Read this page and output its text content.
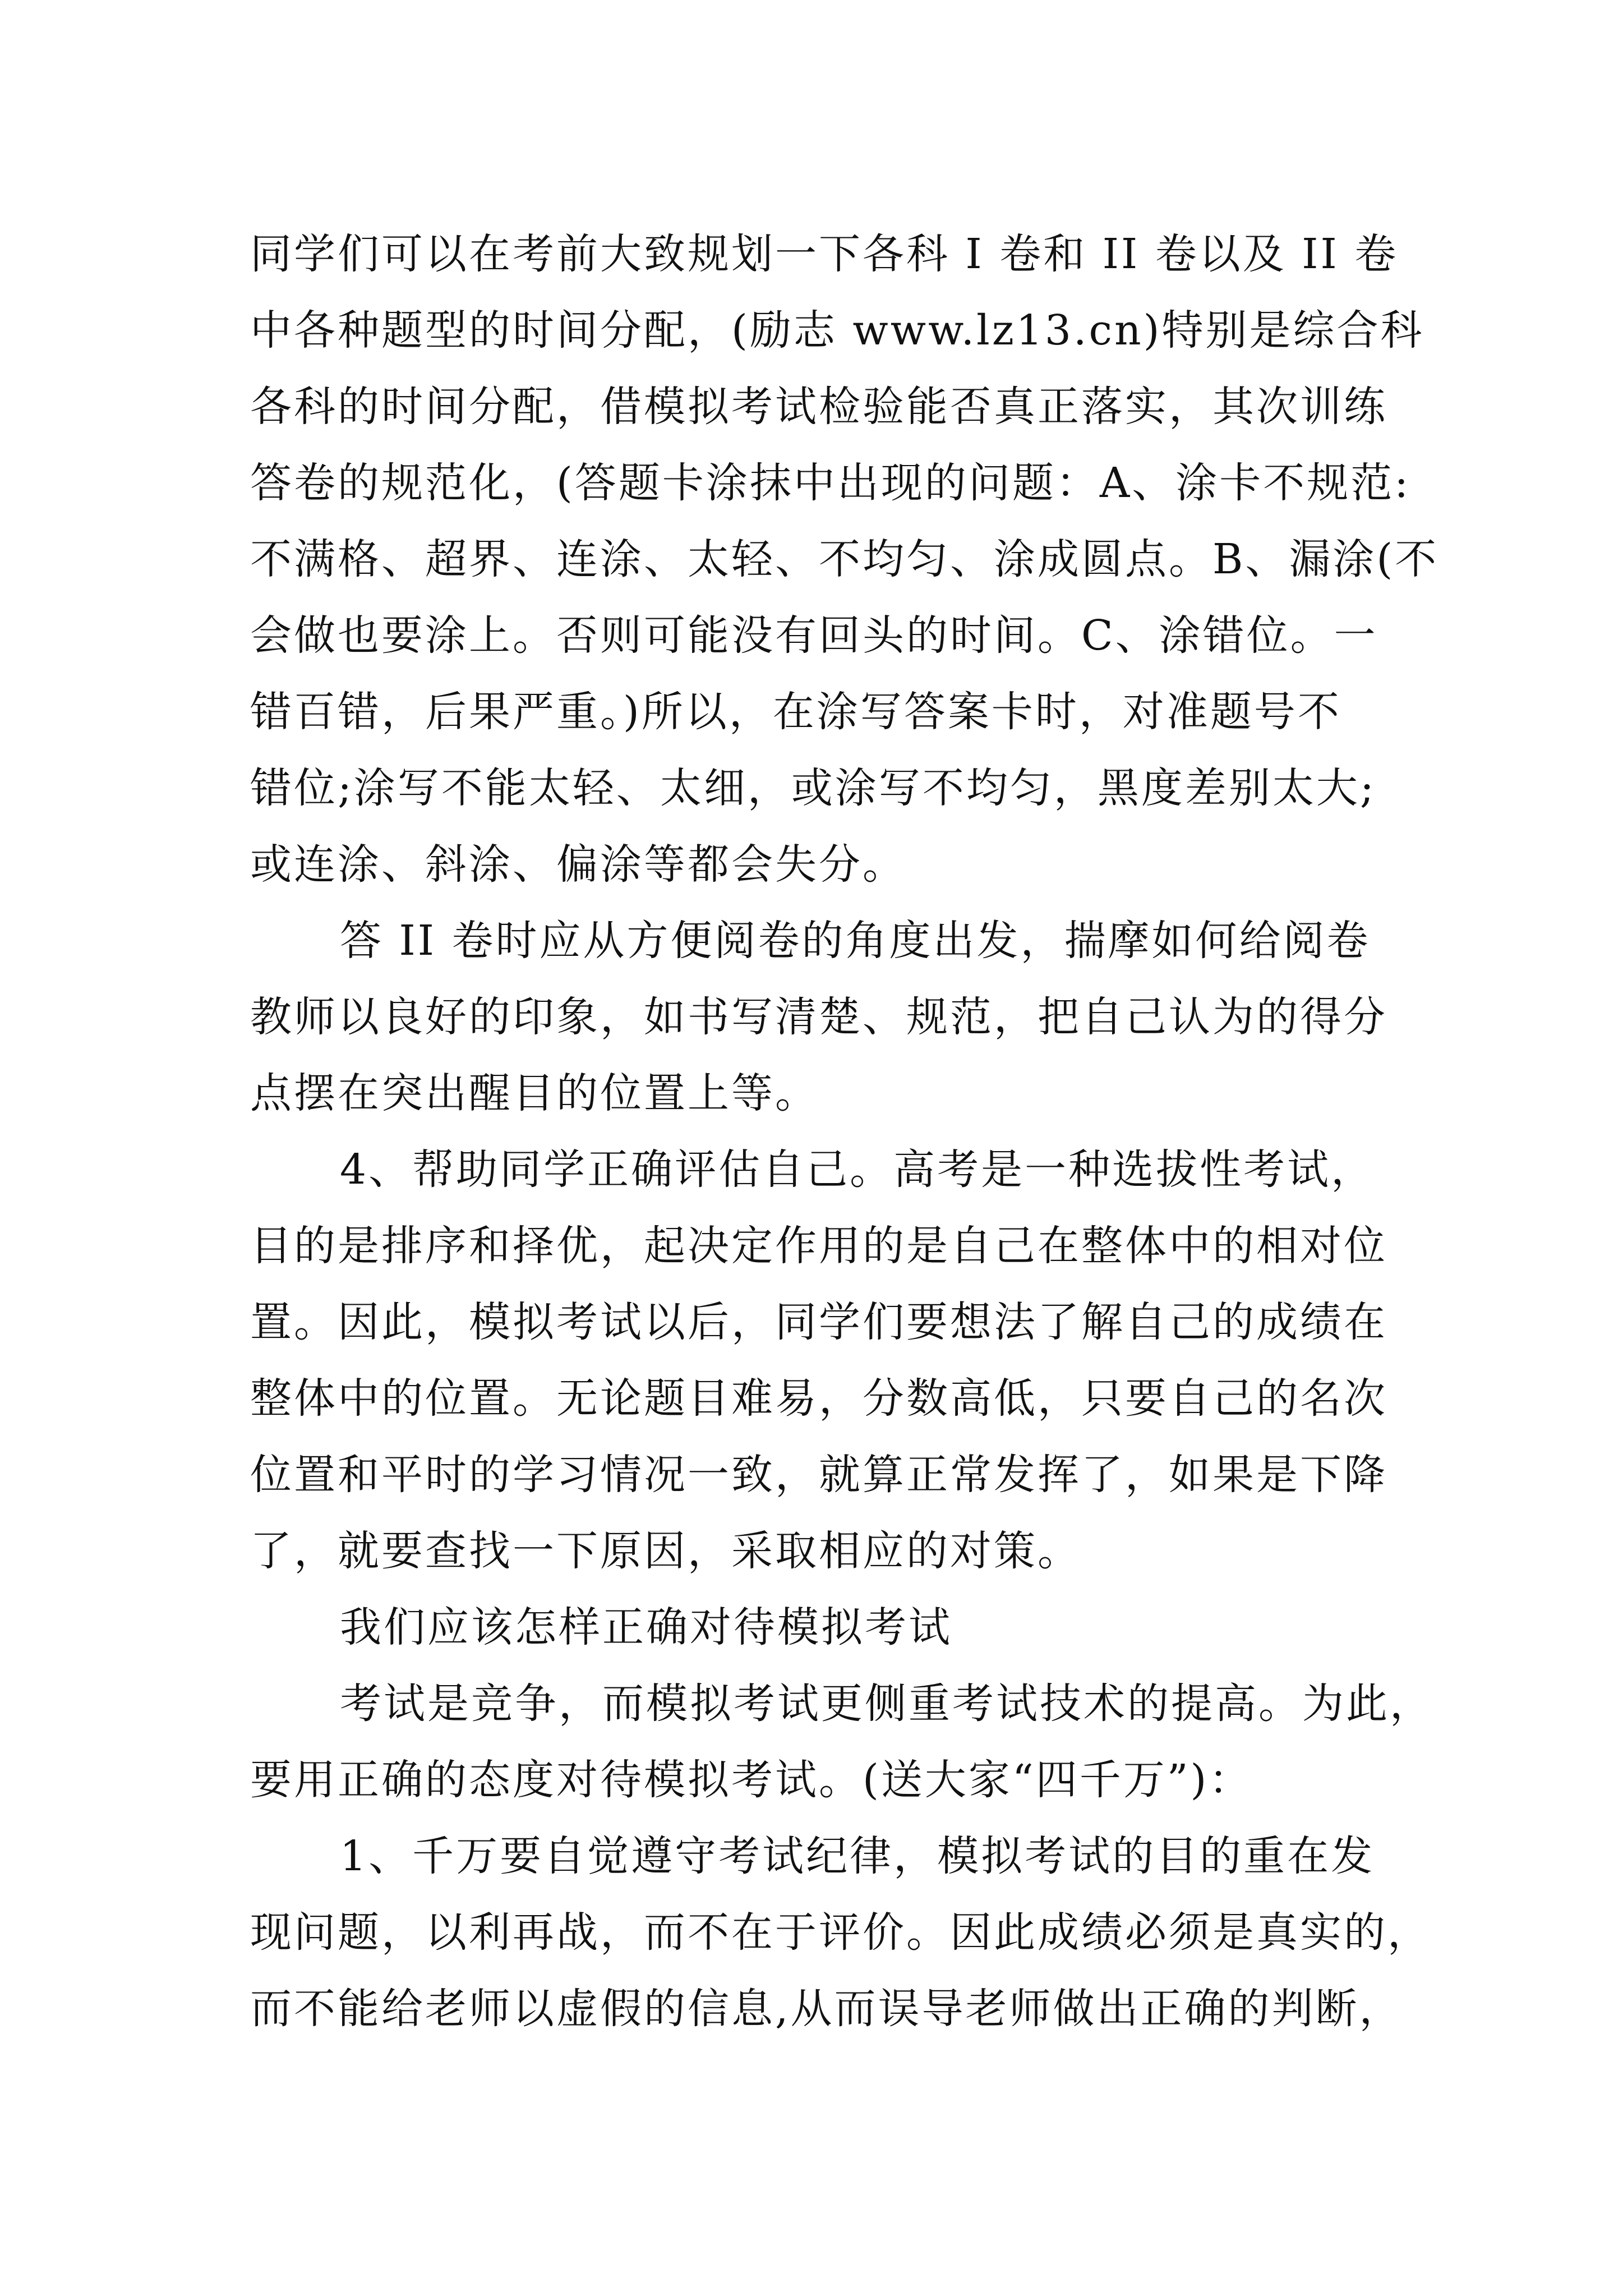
同学们可以在考前大致规划一下各科 I 卷和 II 卷以及 II 卷
中各种题型的时间分配，(励志 www.lz13.cn)特别是综合科
各科的时间分配，借模拟考试检验能否真正落实，其次训练
答卷的规范化，(答题卡涂抹中出现的问题：A、涂卡不规范:
不满格、超界、连涂、太轻、不均匀、涂成圆点。B、漏涂(不
会做也要涂上。否则可能没有回头的时间。C、涂错位。一
错百错，后果严重。)所以，在涂写答案卡时，对准题号不
错位;涂写不能太轻、太细，或涂写不均匀，黑度差别太大;
或连涂、斜涂、偏涂等都会失分。
答 II 卷时应从方便阅卷的角度出发，揣摩如何给阅卷
教师以良好的印象，如书写清楚、规范，把自己认为的得分
点摆在突出醒目的位置上等。
4、帮助同学正确评估自己。高考是一种选拔性考试，
目的是排序和择优，起决定作用的是自己在整体中的相对位
置。因此，模拟考试以后，同学们要想法了解自己的成绩在
整体中的位置。无论题目难易，分数高低，只要自己的名次
位置和平时的学习情况一致，就算正常发挥了，如果是下降
了，就要查找一下原因，采取相应的对策。
我们应该怎样正确对待模拟考试
考试是竞争，而模拟考试更侧重考试技术的提高。为此，
要用正确的态度对待模拟考试。(送大家“四千万”)：
1、千万要自觉遵守考试纪律，模拟考试的目的重在发
现问题，以利再战，而不在于评价。因此成绩必须是真实的，
而不能给老师以虚假的信息,从而误导老师做出正确的判断，
